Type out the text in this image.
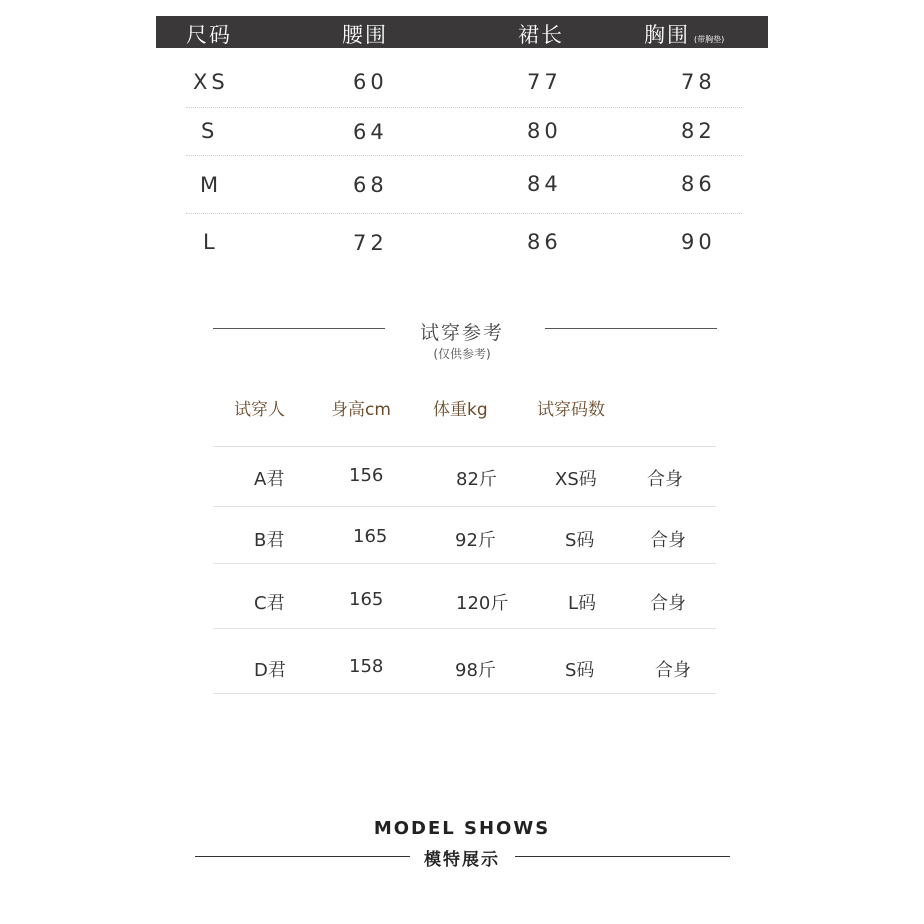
尺码	腰围	裙长	胸围 (带胸垫)
XS	60	77	78
S	64	80	82
M	68	84	86
L	72	86	90
试穿参考
(仅供参考)
试穿人	身高cm 体重kg	试穿码数
A君	156	82斤	XS码	合身
B君	165	92斤	S码	合身
C君	165	120斤	L码	合身
D君	158	98斤	S码	合身
MODEL SHOWS
模特展示
